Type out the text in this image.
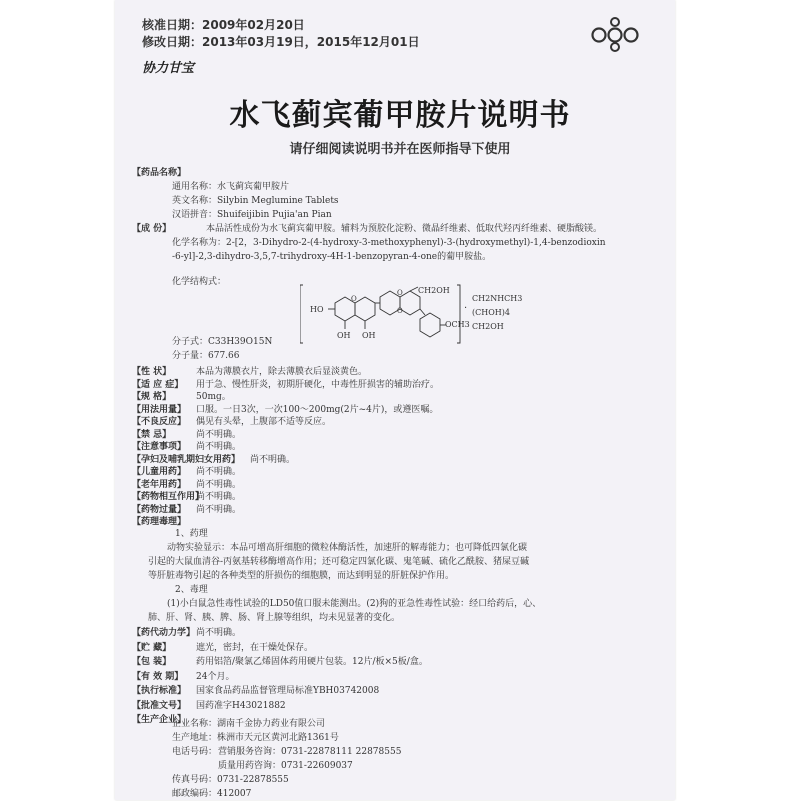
核准日期：2009年02月20日
修改日期：2013年03月19日，2015年12月01日
协力甘宝
水飞蓟宾葡甲胺片说明书
请仔细阅读说明书并在医师指导下使用
【药品名称】
通用名称：水飞蓟宾葡甲胺片
英文名称：Silybin Meglumine Tablets
汉语拼音：Shuifeijibin Pujia'an Pian
【成 份】	本品活性成份为水飞蓟宾葡甲胺。辅料为预胶化淀粉、微晶纤维素、低取代羟丙纤维素、硬脂酸镁。
化学名称为：2-[2，3-Dihydro-2-(4-hydroxy-3-methoxyphenyl)-3-(hydroxymethyl)-1,4-benzodioxin
-6-yl]-2,3-dihydro-3,5,7-trihydroxy-4H-1-benzopyran-4-one的葡甲胺盐。
化学结构式：
HO
OH OH
CH2OH
OCH3
O
O
O	·
CH2NHCH3
(CHOH)4
CH2OH
分子式：C33H39O15N
分子量：677.66
【性 状】	本品为薄膜衣片，除去薄膜衣后显淡黄色。
【适 应 症】 用于急、慢性肝炎，初期肝硬化，中毒性肝损害的辅助治疗。
【规 格】	50mg。
【用法用量】 口服。一日3次，一次100～200mg(2片~4片)，或遵医嘱。
【不良反应】 偶见有头晕，上腹部不适等反应。
【禁 忌】	尚不明确。
【注意事项】 尚不明确。
【孕妇及哺乳期妇女用药】 尚不明确。
【儿童用药】 尚不明确。
【老年用药】 尚不明确。
【药物相互作用】
尚不明确。
【药物过量】 尚不明确。
【药理毒理】
1、药理
动物实验显示：本品可增高肝细胞的微粒体酶活性，加速肝的解毒能力；也可降低四氯化碳
引起的大鼠血清谷-丙氨基转移酶增高作用；还可稳定四氯化碳、鬼笔碱、硫化乙酰胺、猪屎豆碱
等肝脏毒物引起的各种类型的肝损伤的细胞膜，而达到明显的肝脏保护作用。
2、毒理
(1)小白鼠急性毒性试验的LD50值口服未能测出。(2)狗的亚急性毒性试验：经口给药后，心、
肺、肝、肾、胰、脾、肠、肾上腺等组织，均未见显著的变化。
【药代动力学】 尚不明确。
【贮 藏】	遮光，密封，在干燥处保存。
【包 装】	药用铝箔/聚氯乙烯固体药用硬片包装。12片/板×5板/盒。
【有 效 期】 24个月。
【执行标准】 国家食品药品监督管理局标准YBH03742008
【批准文号】 国药准字H43021882
【生产企业】
企业名称：湖南千金协力药业有限公司
生产地址：株洲市天元区黄河北路1361号
电话号码： 营销服务咨询：0731-22878111 22878555
质量用药咨询：0731-22609037
传真号码：0731-22878555
邮政编码：412007
